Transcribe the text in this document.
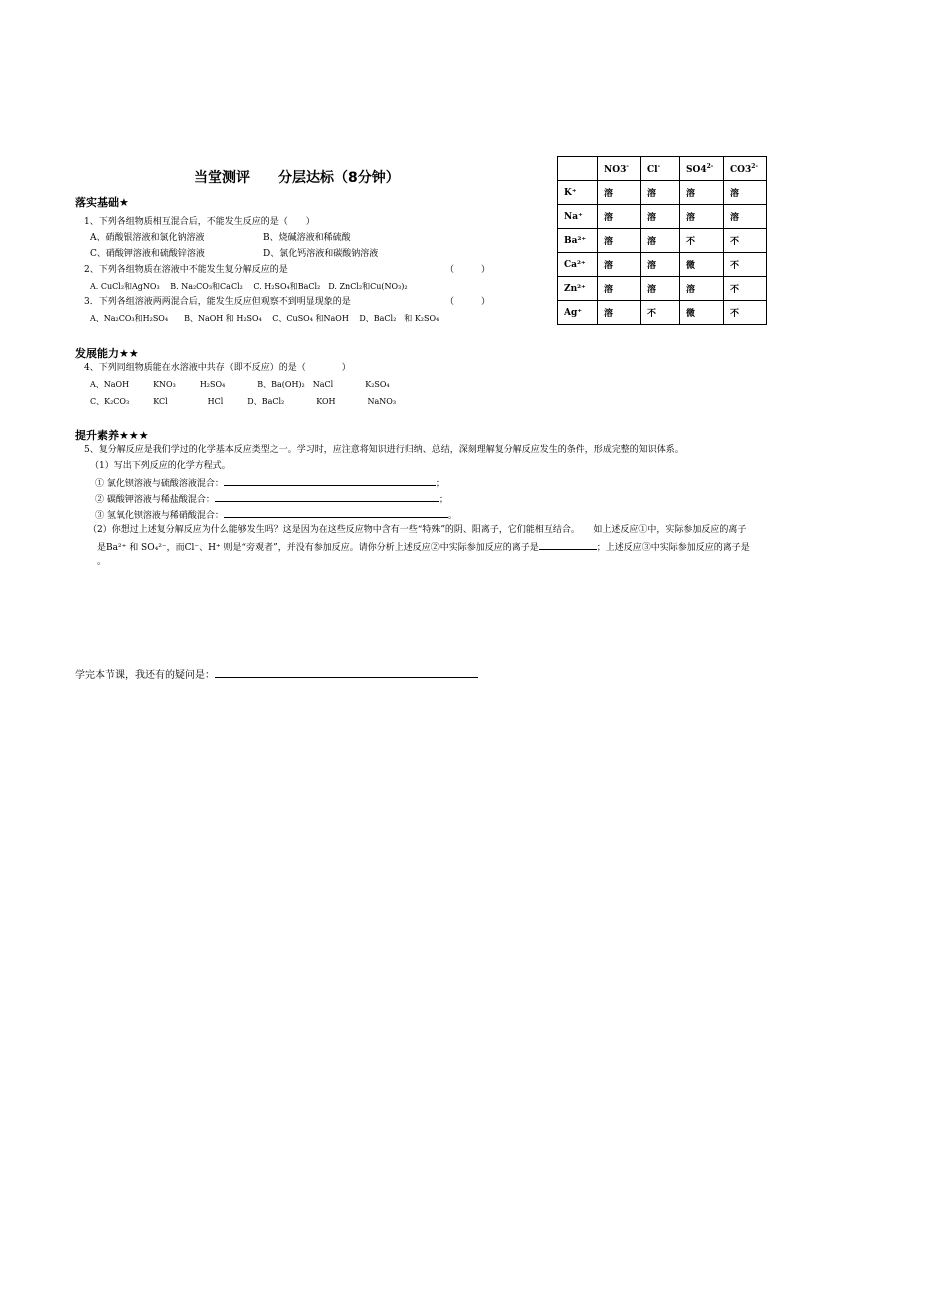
当堂测评　　分层达标（8分钟）
	NO3-	Cl-	$SO4^{2-}$	$CO3^{2-}$
K⁺	溶	溶	溶	溶
Na⁺	溶	溶	溶	溶
Ba²⁺	溶	溶	不	不
Ca²⁺	溶	溶	微	不
Zn²⁺	溶	溶	溶	不
Ag⁺	溶	不	微	不
落实基础★
1、下列各组物质相互混合后，不能发生反应的是（　　）
A、硝酸银溶液和氯化钠溶液	B、烧碱溶液和稀硫酸
C、硝酸钾溶液和硫酸锌溶液	D、氯化钙溶液和碳酸钠溶液
2、下列各组物质在溶液中不能发生复分解反应的是	（　　　）
A. CuCl₂和AgNO₃　 B. Na₂CO₃和CaCl₂　 C. H₂SO₄和BaCl₂　D. ZnCl₂和Cu(NO₃)₂
3．下列各组溶液两两混合后，能发生反应但观察不到明显现象的是	（　　　）
A、Na₂CO₃和H₂SO₄　　B、NaOH 和 H₂SO₄　 C、CuSO₄ 和NaOH　 D、BaCl₂　和 K₂SO₄
发展能力★★
4、下列同组物质能在水溶液中共存（即不反应）的是（　　　　）
A、NaOH　　　KNO₃　　　H₂SO₄　　　　B、Ba(OH)₂　NaCl　　　　K₂SO₄
C、K₂CO₃　　　KCl　　　　　HCl　　　D、BaCl₂　　　　KOH　　　　NaNO₃
提升素养★★★
5、复分解反应是我们学过的化学基本反应类型之一。学习时，应注意将知识进行归纳、总结，深刻理解复分解反应发生的条件，形成完整的知识体系。
（1）写出下列反应的化学方程式。
① 氯化钡溶液与硫酸溶液混合：	；
② 碳酸钾溶液与稀盐酸混合：	；
③ 氢氧化钡溶液与稀硝酸混合：	。
（2）你想过上述复分解反应为什么能够发生吗？这是因为在这些反应物中含有一些“特殊”的阴、阳离子，它们能相互结合。　　如上述反应①中，实际参加反应的离子
是Ba²⁺ 和 SO₄²⁻，而Cl⁻、H⁺ 则是“旁观者”，并没有参加反应。请你分析上述反应②中实际参加反应的离子是	；上述反应③中实际参加反应的离子是
。
学完本节课，我还有的疑问是：
